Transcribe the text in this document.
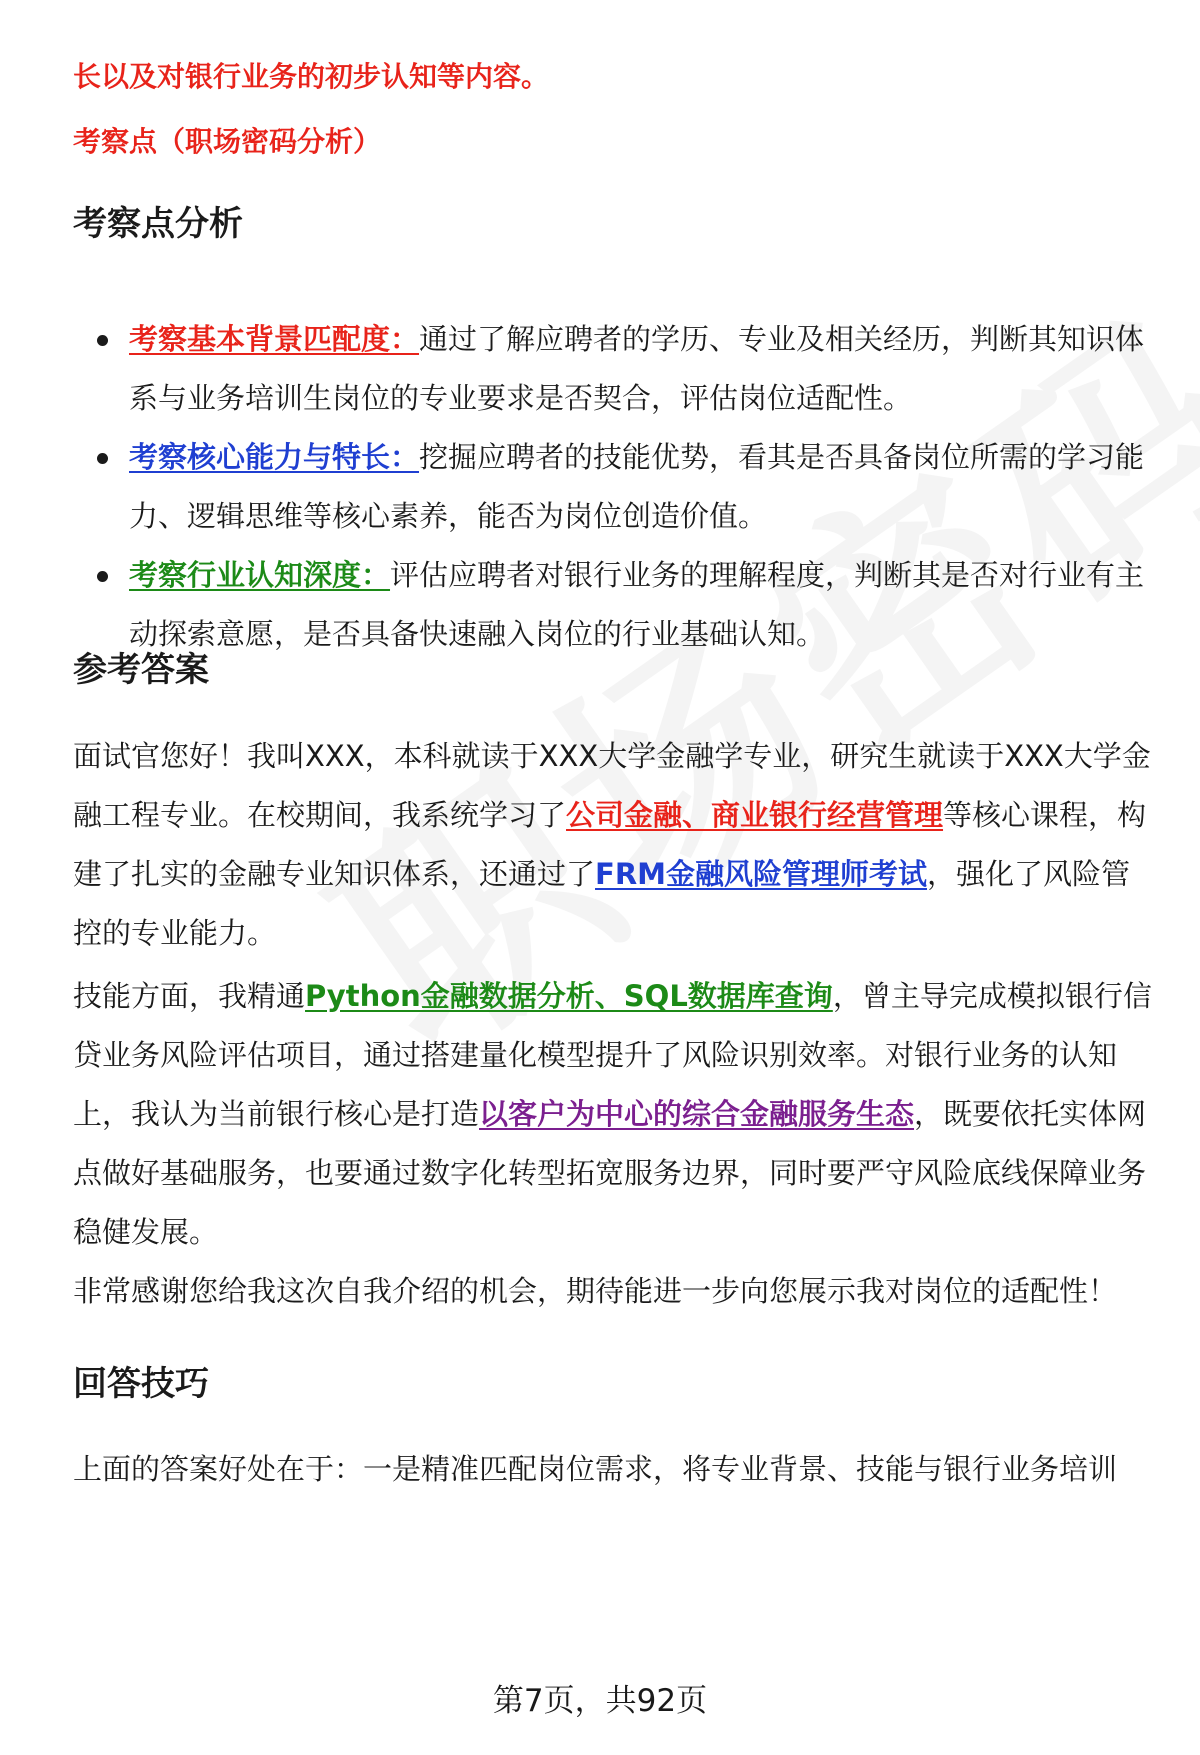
长以及对银行业务的初步认知等内容。
考察点（职场密码分析）
考察点分析
考察基本背景匹配度：通过了解应聘者的学历、专业及相关经历，判断其知识体系与业务培训生岗位的专业要求是否契合，评估岗位适配性。
考察核心能力与特长：挖掘应聘者的技能优势，看其是否具备岗位所需的学习能力、逻辑思维等核心素养，能否为岗位创造价值。
考察行业认知深度：评估应聘者对银行业务的理解程度，判断其是否对行业有主动探索意愿，是否具备快速融入岗位的行业基础认知。
参考答案

面试官您好！我叫XXX，本科就读于XXX大学金融学专业，研究生就读于XXX大学金融工程专业。在校期间，我系统学习了公司金融、商业银行经营管理等核心课程，构建了扎实的金融专业知识体系，还通过了FRM金融风险管理师考试，强化了风险管控的专业能力。

技能方面，我精通Python金融数据分析、SQL数据库查询，曾主导完成模拟银行信贷业务风险评估项目，通过搭建量化模型提升了风险识别效率。对银行业务的认知上，我认为当前银行核心是打造以客户为中心的综合金融服务生态，既要依托实体网点做好基础服务，也要通过数字化转型拓宽服务边界，同时要严守风险底线保障业务稳健发展。

非常感谢您给我这次自我介绍的机会，期待能进一步向您展示我对岗位的适配性！

回答技巧

上面的答案好处在于：一是精准匹配岗位需求，将专业背景、技能与银行业务培训

第7页，共92页
